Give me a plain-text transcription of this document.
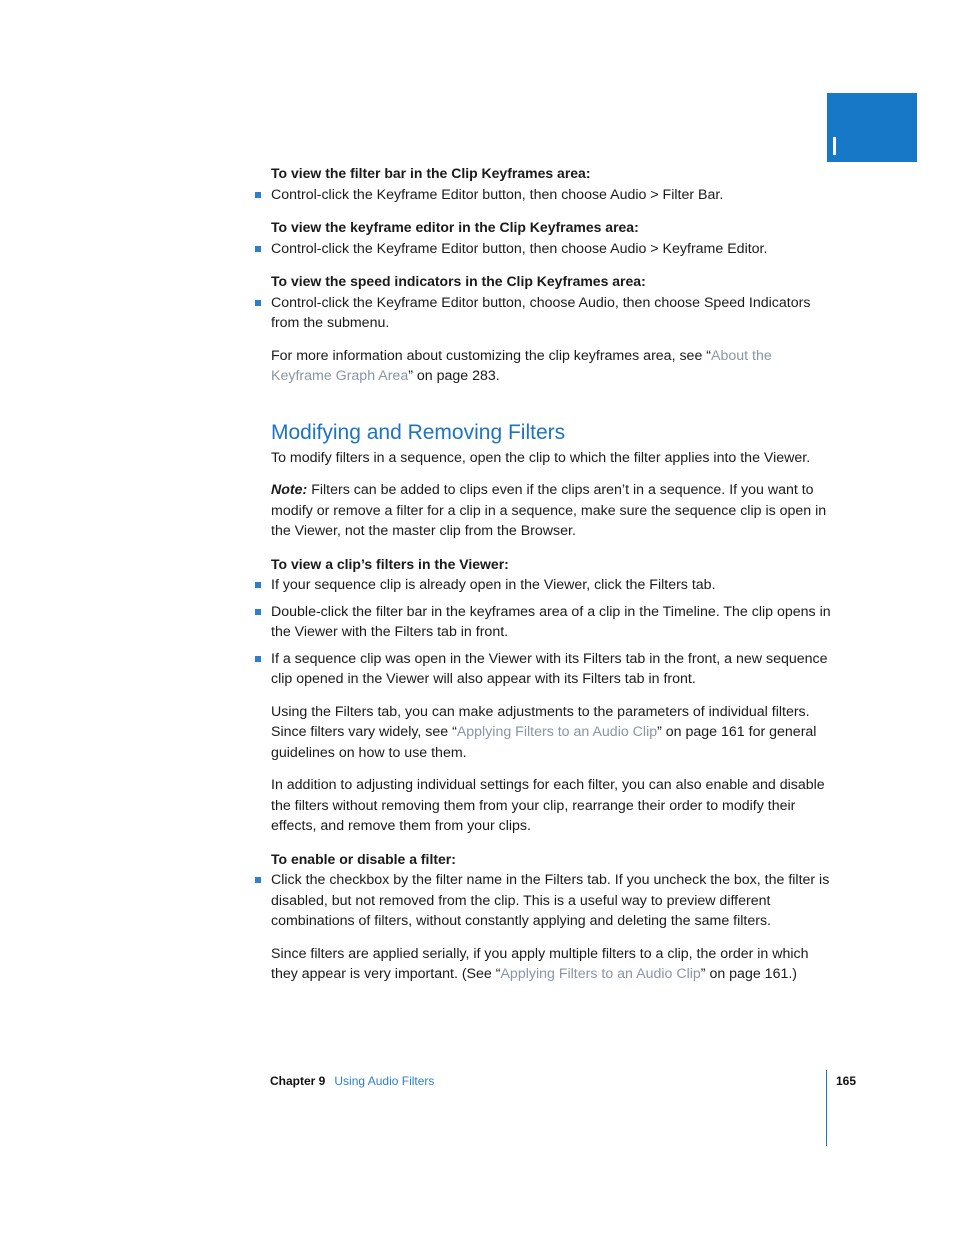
To view the filter bar in the Clip Keyframes area:
Control-click the Keyframe Editor button, then choose Audio > Filter Bar.
To view the keyframe editor in the Clip Keyframes area:
Control-click the Keyframe Editor button, then choose Audio > Keyframe Editor.
To view the speed indicators in the Clip Keyframes area:
Control-click the Keyframe Editor button, choose Audio, then choose Speed Indicators from the submenu.

For more information about customizing the clip keyframes area, see “About the Keyframe Graph Area” on page 283.

Modifying and Removing Filters

To modify filters in a sequence, open the clip to which the filter applies into the Viewer.

Note: Filters can be added to clips even if the clips aren’t in a sequence. If you want to modify or remove a filter for a clip in a sequence, make sure the sequence clip is open in the Viewer, not the master clip from the Browser.

To view a clip’s filters in the Viewer:
If your sequence clip is already open in the Viewer, click the Filters tab.
Double-click the filter bar in the keyframes area of a clip in the Timeline. The clip opens in the Viewer with the Filters tab in front.
If a sequence clip was open in the Viewer with its Filters tab in the front, a new sequence clip opened in the Viewer will also appear with its Filters tab in front.

Using the Filters tab, you can make adjustments to the parameters of individual filters. Since filters vary widely, see “Applying Filters to an Audio Clip” on page 161 for general guidelines on how to use them.

In addition to adjusting individual settings for each filter, you can also enable and disable the filters without removing them from your clip, rearrange their order to modify their effects, and remove them from your clips.

To enable or disable a filter:
Click the checkbox by the filter name in the Filters tab. If you uncheck the box, the filter is disabled, but not removed from the clip. This is a useful way to preview different combinations of filters, without constantly applying and deleting the same filters.

Since filters are applied serially, if you apply multiple filters to a clip, the order in which they appear is very important. (See “Applying Filters to an Audio Clip” on page 161.)

Chapter 9 Using Audio Filters	165
